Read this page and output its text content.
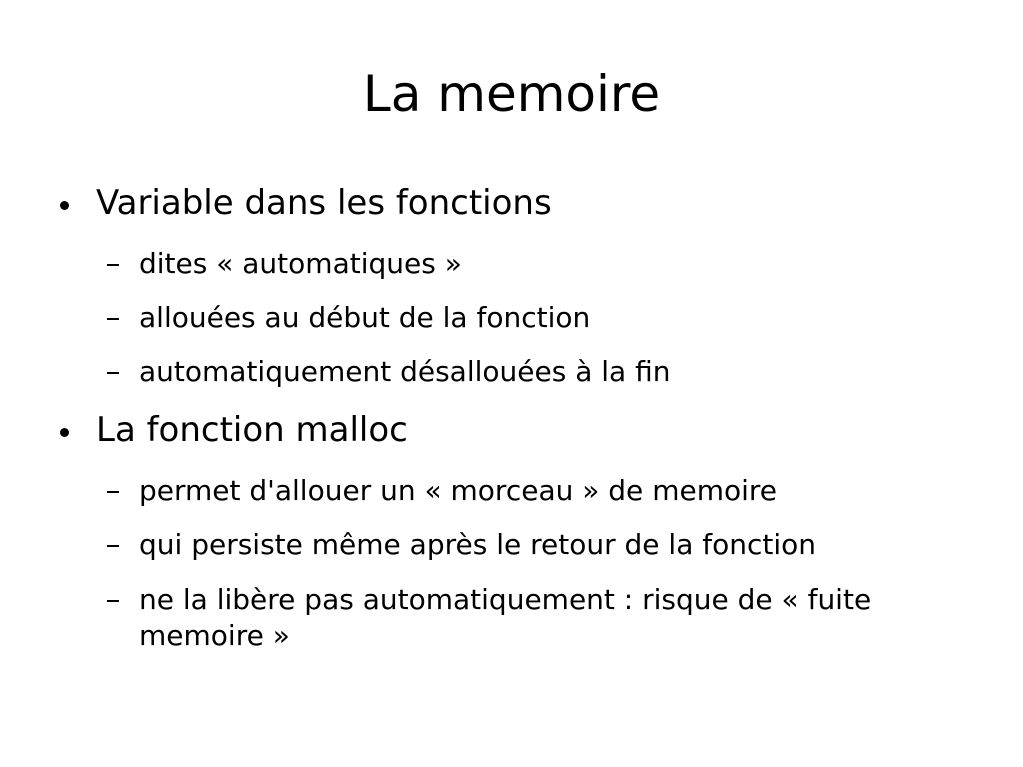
La memoire
Variable dans les fonctions
dites « automatiques »
allouées au début de la fonction
automatiquement désallouées à la fin
La fonction malloc
permet d'allouer un « morceau » de memoire
qui persiste même après le retour de la fonction
ne la libère pas automatiquement : risque de « fuite memoire »
